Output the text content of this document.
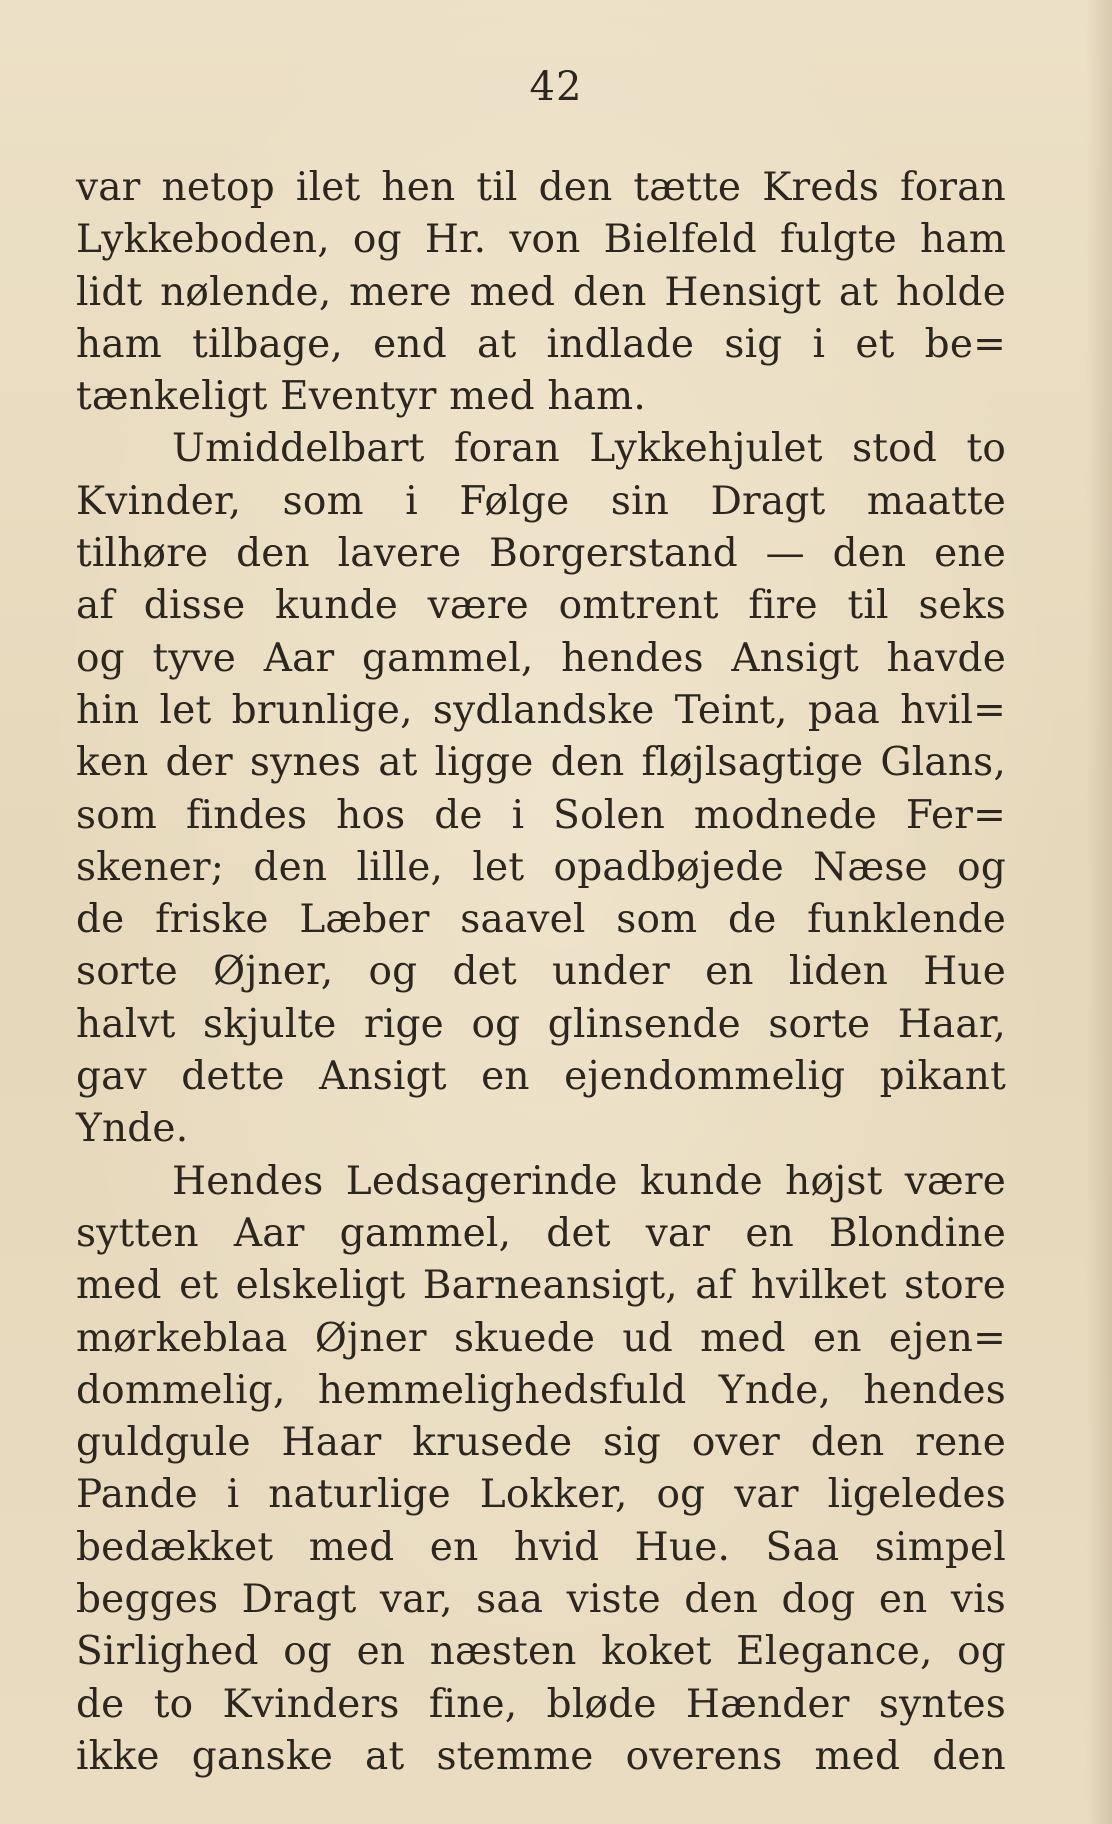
42
var netop ilet hen til den tætte Kreds foran
Lykkeboden, og Hr. von Bielfeld fulgte ham
lidt nølende, mere med den Hensigt at holde
ham tilbage, end at indlade sig i et be=
tænkeligt Eventyr med ham.
Umiddelbart foran Lykkehjulet stod to
Kvinder, som i Følge sin Dragt maatte
tilhøre den lavere Borgerstand — den ene
af disse kunde være omtrent fire til seks
og tyve Aar gammel, hendes Ansigt havde
hin let brunlige, sydlandske Teint, paa hvil=
ken der synes at ligge den fløjlsagtige Glans,
som findes hos de i Solen modnede Fer=
skener; den lille, let opadbøjede Næse og
de friske Læber saavel som de funklende
sorte Øjner, og det under en liden Hue
halvt skjulte rige og glinsende sorte Haar,
gav dette Ansigt en ejendommelig pikant
Ynde.
Hendes Ledsagerinde kunde højst være
sytten Aar gammel, det var en Blondine
med et elskeligt Barneansigt, af hvilket store
mørkeblaa Øjner skuede ud med en ejen=
dommelig, hemmelighedsfuld Ynde, hendes
guldgule Haar krusede sig over den rene
Pande i naturlige Lokker, og var ligeledes
bedækket med en hvid Hue. Saa simpel
begges Dragt var, saa viste den dog en vis
Sirlighed og en næsten koket Elegance, og
de to Kvinders fine, bløde Hænder syntes
ikke ganske at stemme overens med den
